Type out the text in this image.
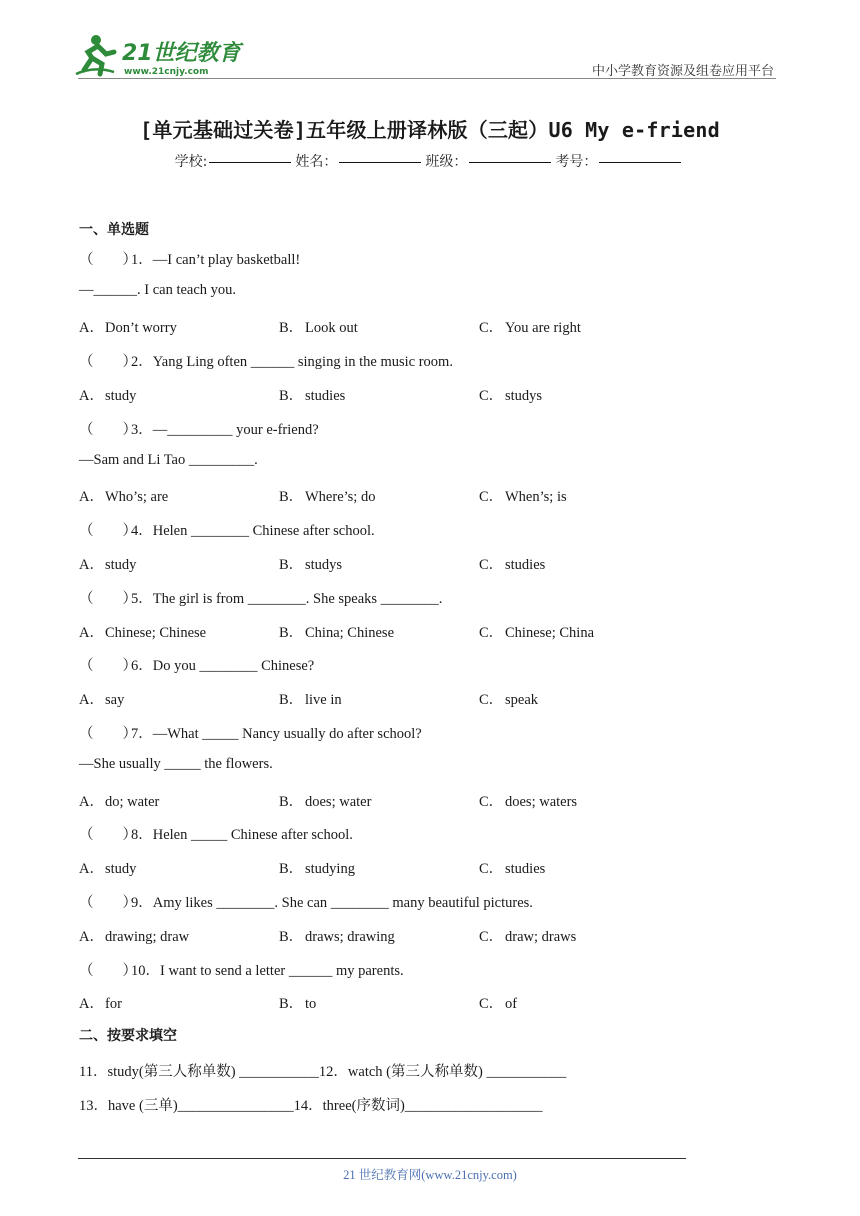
21世纪教育
www.21cnjy.com	中小学教育资源及组卷应用平台
[单元基础过关卷]五年级上册译林版（三起）U6 My e-friend
学校:	姓名：	班级：	考号：
一、单选题
（　　）1．—I can’t play basketball!
—______. I can teach you.
A．Don’t worry	B． Look out	C． You are right
（　　）2．Yang Ling often ______ singing in the music room.
A．study	B． studies	C． studys
（　　）3．—_________ your e-friend?
—Sam and Li Tao _________.
A．Who’s; are	B． Where’s; do	C． When’s; is
（　　）4．Helen ________ Chinese after school.
A．study	B． studys	C． studies
（　　）5．The girl is from ________. She speaks ________.
A．Chinese; Chinese	B． China; Chinese	C． Chinese; China
（　　）6．Do you ________ Chinese?
A．say	B． live in	C． speak
（　　）7．—What _____ Nancy usually do after school?
—She usually _____ the flowers.
A．do; water	B． does; water	C． does; waters
（　　）8．Helen _____ Chinese after school.
A．study	B． studying	C． studies
（　　）9．Amy likes ________. She can ________ many beautiful pictures.
A．drawing; draw	B． draws; drawing	C． draw; draws
（　　）10．I want to send a letter ______ my parents.
A．for	B． to	C． of
二、按要求填空
11．study(第三人称单数) ___________12．watch (第三人称单数) ___________
13．have (三单)________________14．three(序数词)___________________
21 世纪教育网(www.21cnjy.com)
